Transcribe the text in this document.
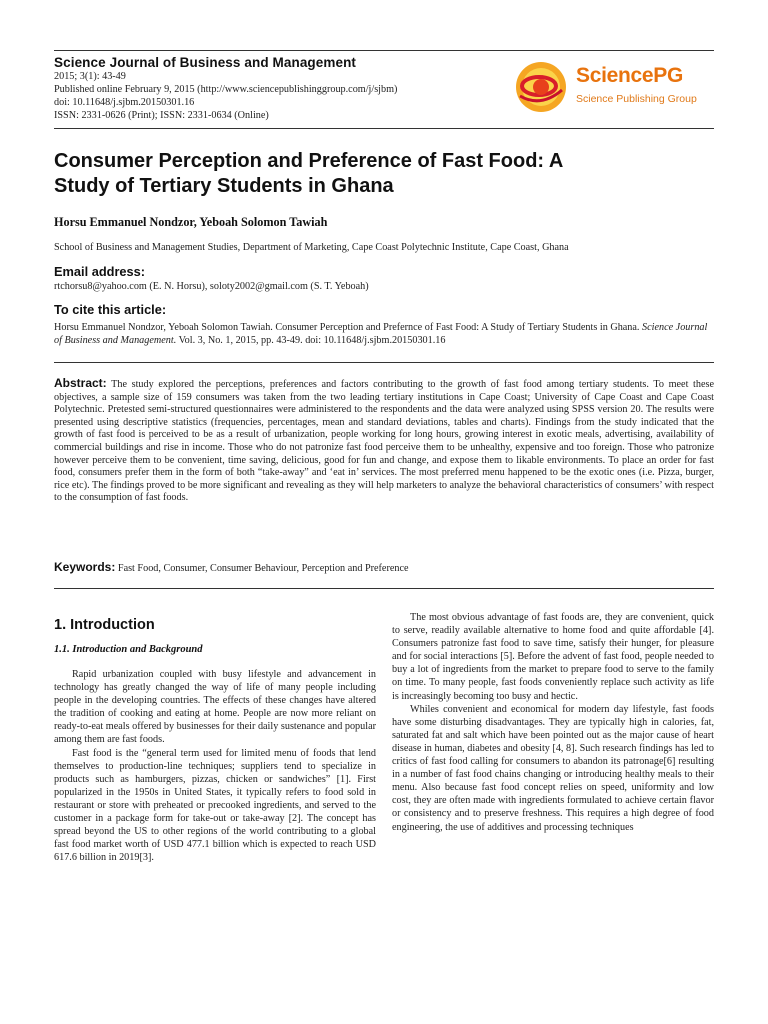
Science Journal of Business and Management
2015; 3(1): 43-49
Published online February 9, 2015 (http://www.sciencepublishinggroup.com/j/sjbm)
doi: 10.11648/j.sjbm.20150301.16
ISSN: 2331-0626 (Print); ISSN: 2331-0634 (Online)
SciencePG
Science Publishing Group
Consumer Perception and Preference of Fast Food: A
Study of Tertiary Students in Ghana
Horsu Emmanuel Nondzor, Yeboah Solomon Tawiah
School of Business and Management Studies, Department of Marketing, Cape Coast Polytechnic Institute, Cape Coast, Ghana
Email address:
rtchorsu8@yahoo.com (E. N. Horsu), soloty2002@gmail.com (S. T. Yeboah)
To cite this article:
Horsu Emmanuel Nondzor, Yeboah Solomon Tawiah. Consumer Perception and Prefernce of Fast Food: A Study of Tertiary Students in Ghana. Science Journal of Business and Management. Vol. 3, No. 1, 2015, pp. 43-49. doi: 10.11648/j.sjbm.20150301.16
Abstract: The study explored the perceptions, preferences and factors contributing to the growth of fast food among tertiary students. To meet these objectives, a sample size of 159 consumers was taken from the two leading tertiary institutions in Cape Coast; University of Cape Coast and Cape Coast Polytechnic. Pretested semi-structured questionnaires were administered to the respondents and the data were analyzed using SPSS version 20. The results were presented using descriptive statistics (frequencies, percentages, mean and standard deviations, tables and charts). Findings from the study indicated that the growth of fast food is perceived to be as a result of urbanization, people working for long hours, growing interest in exotic meals, advertising, availability of commercial buildings and rise in income. Those who do not patronize fast food perceive them to be unhealthy, expensive and too foreign. Those who patronize however perceive them to be convenient, time saving, delicious, good for fun and change, and expose them to likable environments. To place an order for fast food, consumers prefer them in the form of both “take-away” and ‘eat in’ services. The most preferred menu happened to be the exotic ones (i.e. Pizza, burger, rice etc). The findings proved to be more significant and revealing as they will help marketers to analyze the behavioral characteristics of consumers’ with respect to the consumption of fast foods.
Keywords: Fast Food, Consumer, Consumer Behaviour, Perception and Preference
1. Introduction
1.1. Introduction and Background

Rapid urbanization coupled with busy lifestyle and advancement in technology has greatly changed the way of life of many people including people in the developing countries. The effects of these changes have altered the tradition of cooking and eating at home. People are now more reliant on ready-to-eat meals offered by businesses for their daily sustenance and popular among them are fast foods.

Fast food is the “general term used for limited menu of foods that lend themselves to production-line techniques; suppliers tend to specialize in products such as hamburgers, pizzas, chicken or sandwiches” [1]. First popularized in the 1950s in United States, it typically refers to food sold in restaurant or store with preheated or precooked ingredients, and served to the customer in a package form for take-out or take-away [2]. The concept has spread beyond the US to other regions of the world contributing to a global fast food market worth of USD 477.1 billion which is expected to reach USD 617.6 billion in 2019[3].

The most obvious advantage of fast foods are, they are convenient, quick to serve, readily available alternative to home food and quite affordable [4]. Consumers patronize fast food to save time, satisfy their hunger, for pleasure and for social interactions [5]. Before the advent of fast food, people needed to buy a lot of ingredients from the market to prepare food to serve to the family on time. To many people, fast foods conveniently replace such activity as life is increasingly becoming too busy and hectic.

Whiles convenient and economical for modern day lifestyle, fast foods have some disturbing disadvantages. They are typically high in calories, fat, saturated fat and salt which have been pointed out as the major cause of heart disease in human, diabetes and obesity [4, 8]. Such research findings has led to critics of fast food calling for consumers to abandon its patronage[6] resulting in a number of fast food chains changing or introducing healthy meals to their menu. Also because fast food concept relies on speed, uniformity and low cost, they are often made with ingredients formulated to achieve certain flavor or consistency and to preserve freshness. This requires a high degree of food engineering, the use of additives and processing techniques
